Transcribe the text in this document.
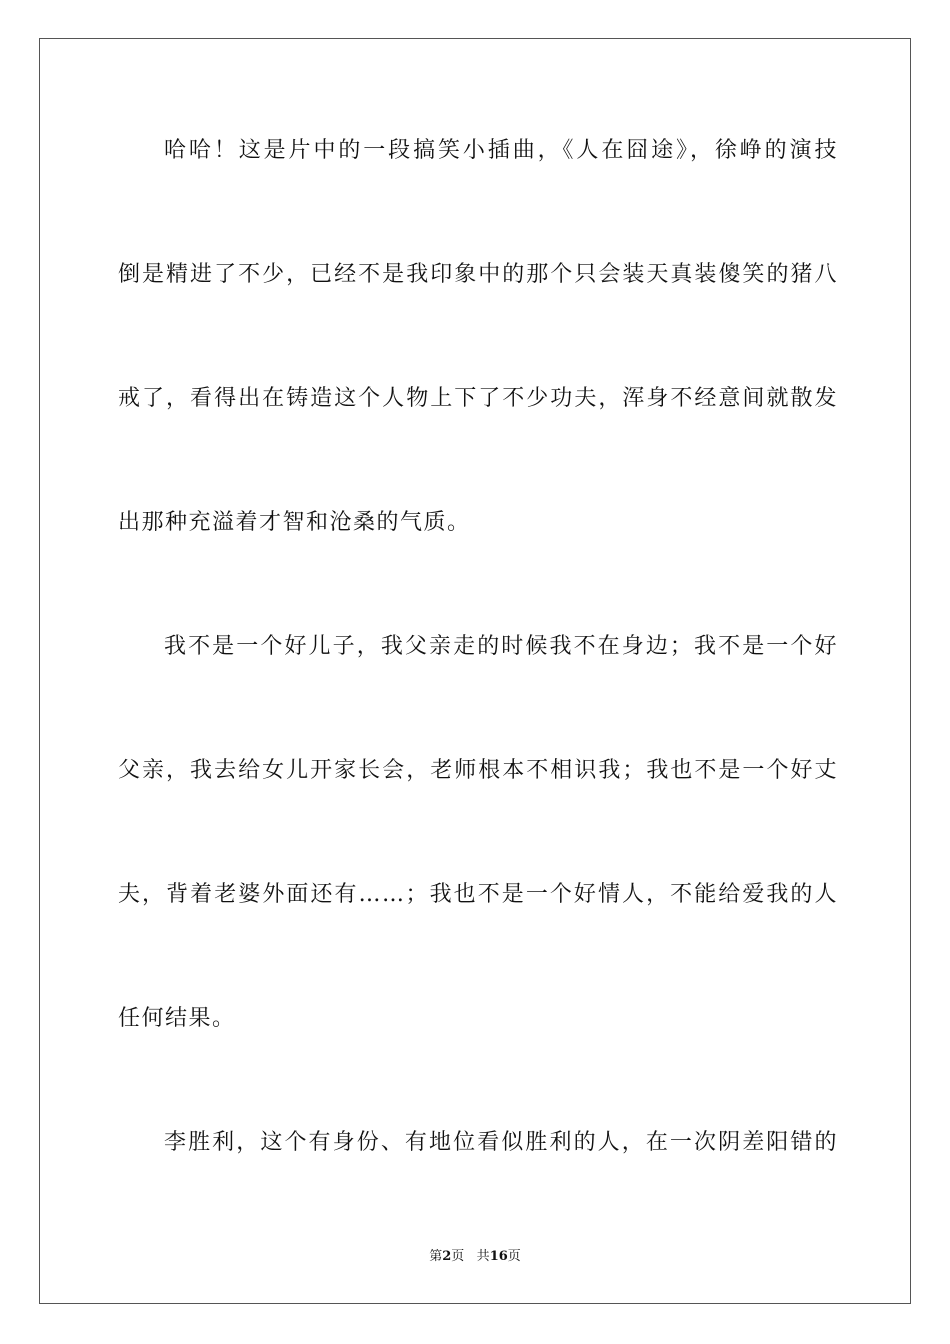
哈哈！这是片中的一段搞笑小插曲，《人在囧途》，徐峥的演技
倒是精进了不少，已经不是我印象中的那个只会装天真装傻笑的猪八
戒了，看得出在铸造这个人物上下了不少功夫，浑身不经意间就散发
出那种充溢着才智和沧桑的气质。
我不是一个好儿子，我父亲走的时候我不在身边；我不是一个好
父亲，我去给女儿开家长会，老师根本不相识我；我也不是一个好丈
夫，背着老婆外面还有……；我也不是一个好情人，不能给爱我的人
任何结果。
李胜利，这个有身份、有地位看似胜利的人，在一次阴差阳错的
第2页 共16页
